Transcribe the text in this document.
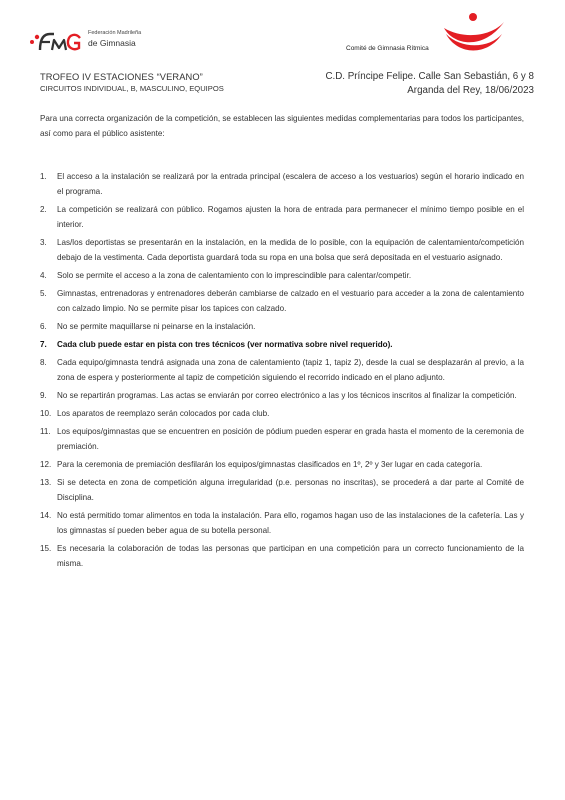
Federación Madrileña
de Gimnasia
Comité de Gimnasia Rítmica
TROFEO IV ESTACIONES “VERANO”
CIRCUITOS INDIVIDUAL, B, MASCULINO, EQUIPOS
C.D. Príncipe Felipe. Calle San Sebastián, 6 y 8
Arganda del Rey, 18/06/2023
Para una correcta organización de la competición, se establecen las siguientes medidas complementarias para todos los participantes, así como para el público asistente:
1.	El acceso a la instalación se realizará por la entrada principal (escalera de acceso a los vestuarios) según el horario indicado en el programa.
2.	La competición se realizará con público. Rogamos ajusten la hora de entrada para permanecer el mínimo tiempo posible en el interior.
3.	Las/los deportistas se presentarán en la instalación, en la medida de lo posible, con la equipación de calentamiento/competición debajo de la vestimenta. Cada deportista guardará toda su ropa en una bolsa que será depositada en el vestuario asignado.
4.	Solo se permite el acceso a la zona de calentamiento con lo imprescindible para calentar/competir.
5.	Gimnastas, entrenadoras y entrenadores deberán cambiarse de calzado en el vestuario para acceder a la zona de calentamiento con calzado limpio. No se permite pisar los tapices con calzado.
6.	No se permite maquillarse ni peinarse en la instalación.
7.	Cada club puede estar en pista con tres técnicos (ver normativa sobre nivel requerido).
8.	Cada equipo/gimnasta tendrá asignada una zona de calentamiento (tapiz 1, tapiz 2), desde la cual se desplazarán al previo, a la zona de espera y posteriormente al tapiz de competición siguiendo el recorrido indicado en el plano adjunto.
9.	No se repartirán programas. Las actas se enviarán por correo electrónico a las y los técnicos inscritos al finalizar la competición.
10. Los aparatos de reemplazo serán colocados por cada club.
11. Los equipos/gimnastas que se encuentren en posición de pódium pueden esperar en grada hasta el momento de la ceremonia de premiación.
12. Para la ceremonia de premiación desfilarán los equipos/gimnastas clasificados en 1º, 2º y 3er lugar en cada categoría.
13. Si se detecta en zona de competición alguna irregularidad (p.e. personas no inscritas), se procederá a dar parte al Comité de Disciplina.
14. No está permitido tomar alimentos en toda la instalación. Para ello, rogamos hagan uso de las instalaciones de la cafetería. Las y los gimnastas sí pueden beber agua de su botella personal.
15. Es necesaria la colaboración de todas las personas que participan en una competición para un correcto funcionamiento de la misma.
